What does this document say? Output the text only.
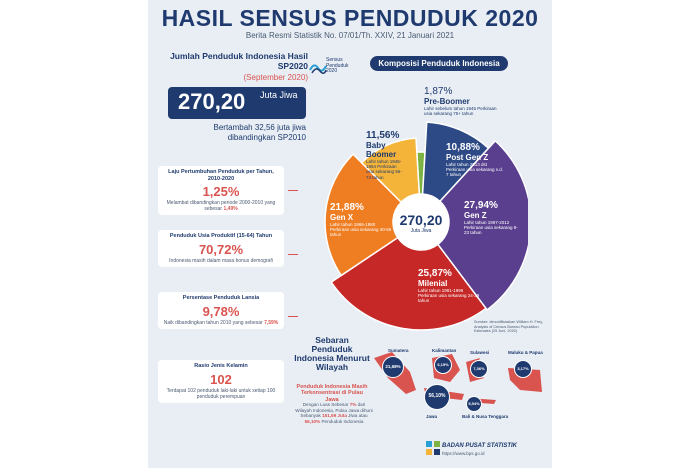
HASIL SENSUS PENDUDUK 2020
Berita Resmi Statistik No. 07/01/Th. XXIV, 21 Januari 2021
Jumlah Penduduk Indonesia Hasil SP2020
(September 2020)
270,20 Juta Jiwa
Bertambah 32,56 juta jiwa dibandingkan SP2010
Laju Pertumbuhan Penduduk per Tahun, 2010-2020
1,25%
Melambat dibandingkan periode 2000-2010 yang sebesar 1,49%
Penduduk Usia Produktif (15-64) Tahun
70,72%
Indonesia masih dalam masa bonus demografi
Persentase Penduduk Lansia
9,78%
Naik dibandingkan tahun 2010 yang sebesar 7,59%
Rasio Jenis Kelamin
102
Terdapat 102 penduduk laki-laki untuk setiap 100 penduduk perempuan
Sensus Penduduk 2020
Komposisi Penduduk Indonesia
1,87%
Pre-Boomer
Lahir sebelum tahun 1945 Perkiraan usia sekarang 75+ tahun
10,88%
Post Gen Z
Lahir tahun 2013 dst Perkiraan usia sekarang s.d. 7 tahun
27,94%
Gen Z
Lahir tahun 1997-2012 Perkiraan usia sekarang 8-23 tahun
25,87%
Milenial
Lahir tahun 1981-1996 Perkiraan usia sekarang 24-39 tahun
21,88%
Gen X
Lahir tahun 1965-1980 Perkiraan usia sekarang 40-55 tahun
11,56%
Baby Boomer
Lahir tahun 1946-1964 Perkiraan usia sekarang 56-74 tahun
270,20
Juta Jiwa
Sumber: dimodifikasikan William H. Frey, Analysis of Census Bureau Population Estimates (25 Juni, 2020)
Sebaran Penduduk Indonesia Menurut Wilayah
Penduduk Indonesia Masih Terkonsentrasi di Pulau Jawa
Dengan Luas Sebesar 7% dari Wilayah Indonesia, Pulau Jawa dihuni Sebanyak 151,59 Juta Jiwa atau 56,10% Penduduk Indonesia
Sumatera
21,68%
Kalimantan
6,15%
Sulawesi
7,36%
Maluku & Papua
3,17%
56,10%
Jawa
5,54%
Bali & Nusa Tenggara
BADAN PUSAT STATISTIK
https://www.bps.go.id
